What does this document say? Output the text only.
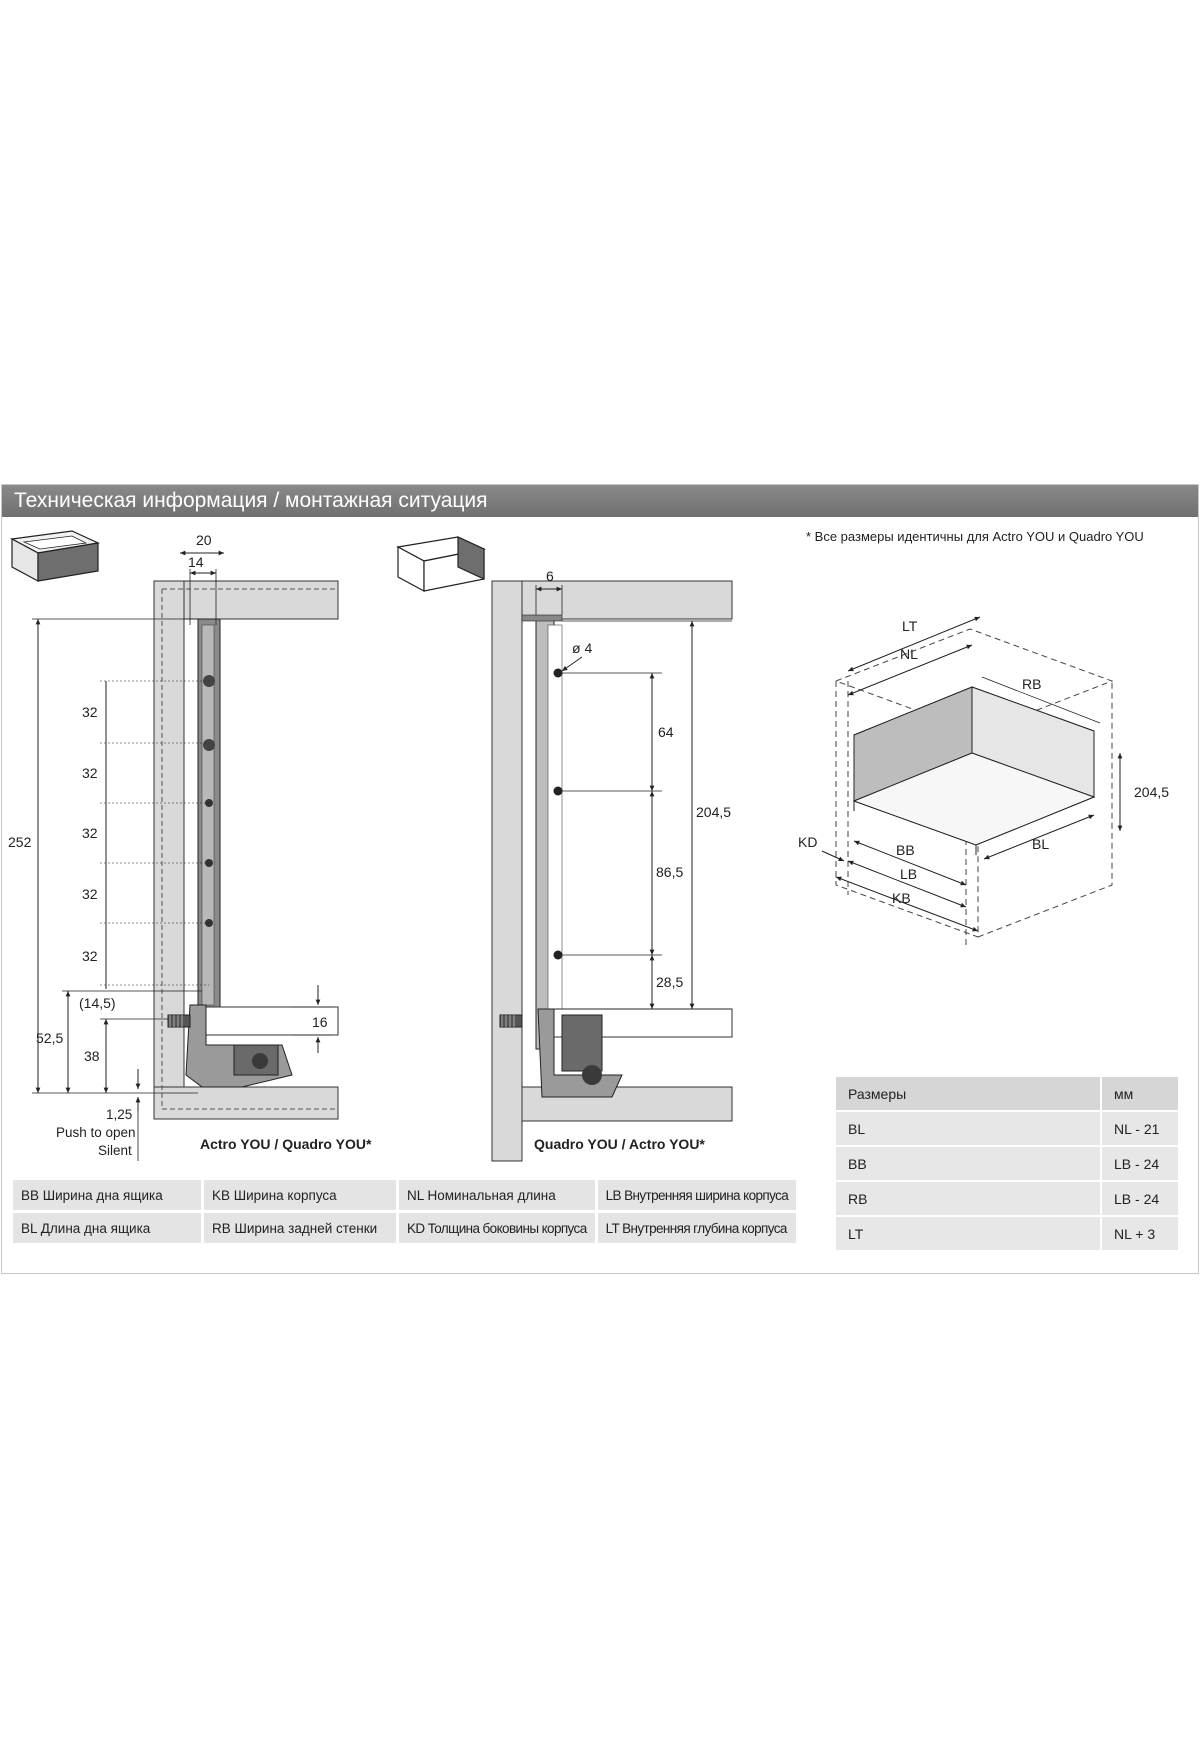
Техническая информация / монтажная ситуация
* Все размеры идентичны для Actro YOU и Quadro YOU
20
14
252
32
32
32
32
32
(14,5)
52,5
38
16
1,25
Push to open
Silent	Actro YOU / Quadro YOU*
6
ø 4
64
86,5
28,5
204,5
Quadro YOU / Actro YOU*
LT
NL
RB
204,5
KD	BB
LB
KB
BL
BB Ширина дна ящика	KB Ширина корпуса	NL Номинальная длина	LB Внутренняя ширина корпуса
BL Длина дна ящика	RB Ширина задней стенки	KD Толщина боковины корпуса	LT Внутренняя глубина корпуса
Размеры	мм
BL	NL - 21
BB	LB - 24
RB	LB - 24
LT	NL + 3
